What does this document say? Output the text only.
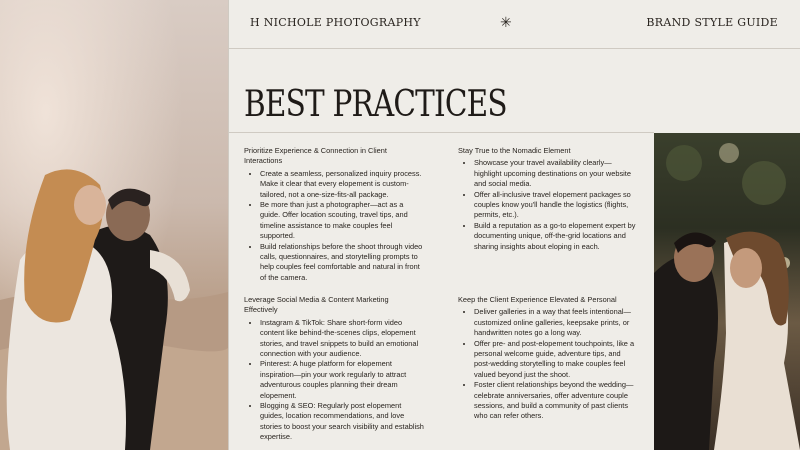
H NICHOLE PHOTOGRAPHY	✳	BRAND STYLE GUIDE
BEST PRACTICES
Prioritize Experience & Connection in Client Interactions
• Create a seamless, personalized inquiry process. Make it clear that every elopement is custom-tailored, not a one-size-fits-all package.
• Be more than just a photographer—act as a guide. Offer location scouting, travel tips, and timeline assistance to make couples feel supported.
• Build relationships before the shoot through video calls, questionnaires, and storytelling prompts to help couples feel comfortable and natural in front of the camera.
Stay True to the Nomadic Element
• Showcase your travel availability clearly—highlight upcoming destinations on your website and social media.
• Offer all-inclusive travel elopement packages so couples know you'll handle the logistics (flights, permits, etc.).
• Build a reputation as a go-to elopement expert by documenting unique, off-the-grid locations and sharing insights about eloping in each.
Leverage Social Media & Content Marketing Effectively
• Instagram & TikTok: Share short-form video content like behind-the-scenes clips, elopement stories, and travel snippets to build an emotional connection with your audience.
• Pinterest: A huge platform for elopement inspiration—pin your work regularly to attract adventurous couples planning their dream elopement.
• Blogging & SEO: Regularly post elopement guides, location recommendations, and love stories to boost your search visibility and establish expertise.
Keep the Client Experience Elevated & Personal
• Deliver galleries in a way that feels intentional—customized online galleries, keepsake prints, or handwritten notes go a long way.
• Offer pre- and post-elopement touchpoints, like a personal welcome guide, adventure tips, and post-wedding storytelling to make couples feel valued beyond just the shoot.
• Foster client relationships beyond the wedding—celebrate anniversaries, offer adventure couple sessions, and build a community of past clients who can refer others.
